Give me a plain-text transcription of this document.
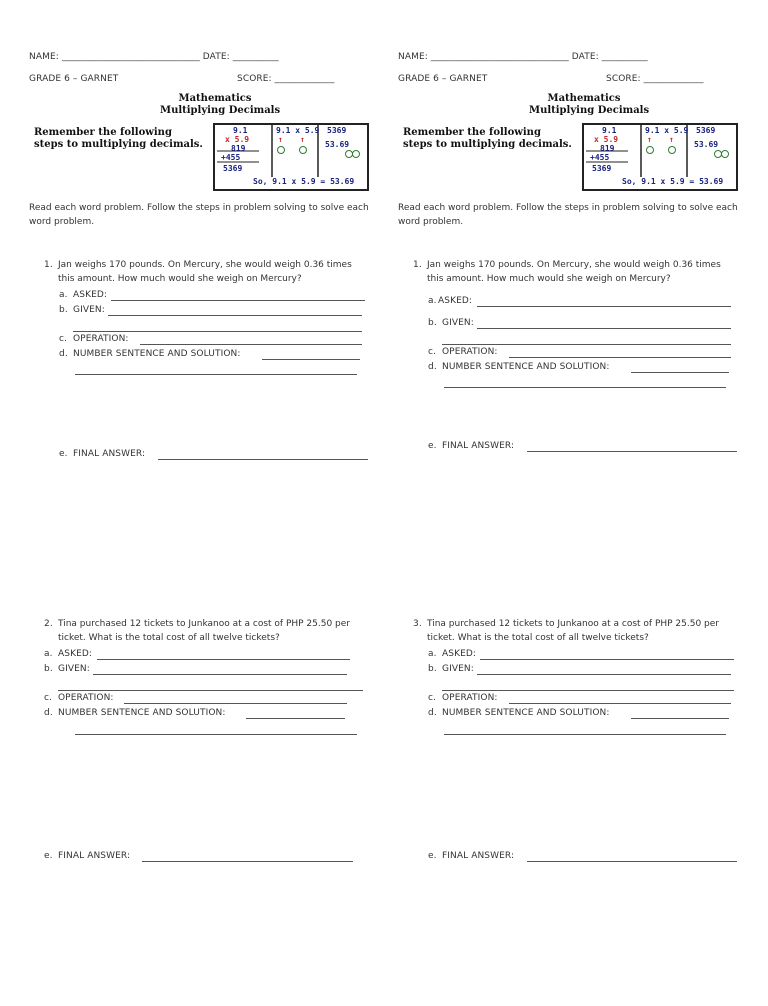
NAME: ______________________________ DATE: __________
GRADE 6 – GARNET	SCORE: _____________
Mathematics
Multiplying Decimals
Remember the following steps to multiplying decimals.
9.1
x 5.9
819
+455
5369
9.1 x 5.9
↑ ↑
5369
53.69
So, 9.1 x 5.9 = 53.69
Read each word problem. Follow the steps in problem solving to solve each word problem.
1. Jan weighs 170 pounds. On Mercury, she would weigh 0.36 times this amount. How much would she weigh on Mercury?
a. ASKED:
b. GIVEN:
c. OPERATION:
d. NUMBER SENTENCE AND SOLUTION:
e. FINAL ANSWER:
2. Tina purchased 12 tickets to Junkanoo at a cost of PHP 25.50 per ticket. What is the total cost of all twelve tickets?
a. ASKED:
b. GIVEN:
c. OPERATION:
d. NUMBER SENTENCE AND SOLUTION:
e. FINAL ANSWER:
NAME: ______________________________ DATE: __________
GRADE 6 – GARNET	SCORE: _____________
Mathematics
Multiplying Decimals
Remember the following steps to multiplying decimals.
9.1
x 5.9
819
+455
5369
9.1 x 5.9
↑ ↑
5369
53.69
So, 9.1 x 5.9 = 53.69
Read each word problem. Follow the steps in problem solving to solve each word problem.
1. Jan weighs 170 pounds. On Mercury, she would weigh 0.36 times this amount. How much would she weigh on Mercury?
a. ASKED:
b. GIVEN:
c. OPERATION:
d. NUMBER SENTENCE AND SOLUTION:
e. FINAL ANSWER:
3. Tina purchased 12 tickets to Junkanoo at a cost of PHP 25.50 per ticket. What is the total cost of all twelve tickets?
a. ASKED:
b. GIVEN:
c. OPERATION:
d. NUMBER SENTENCE AND SOLUTION:
e. FINAL ANSWER:
